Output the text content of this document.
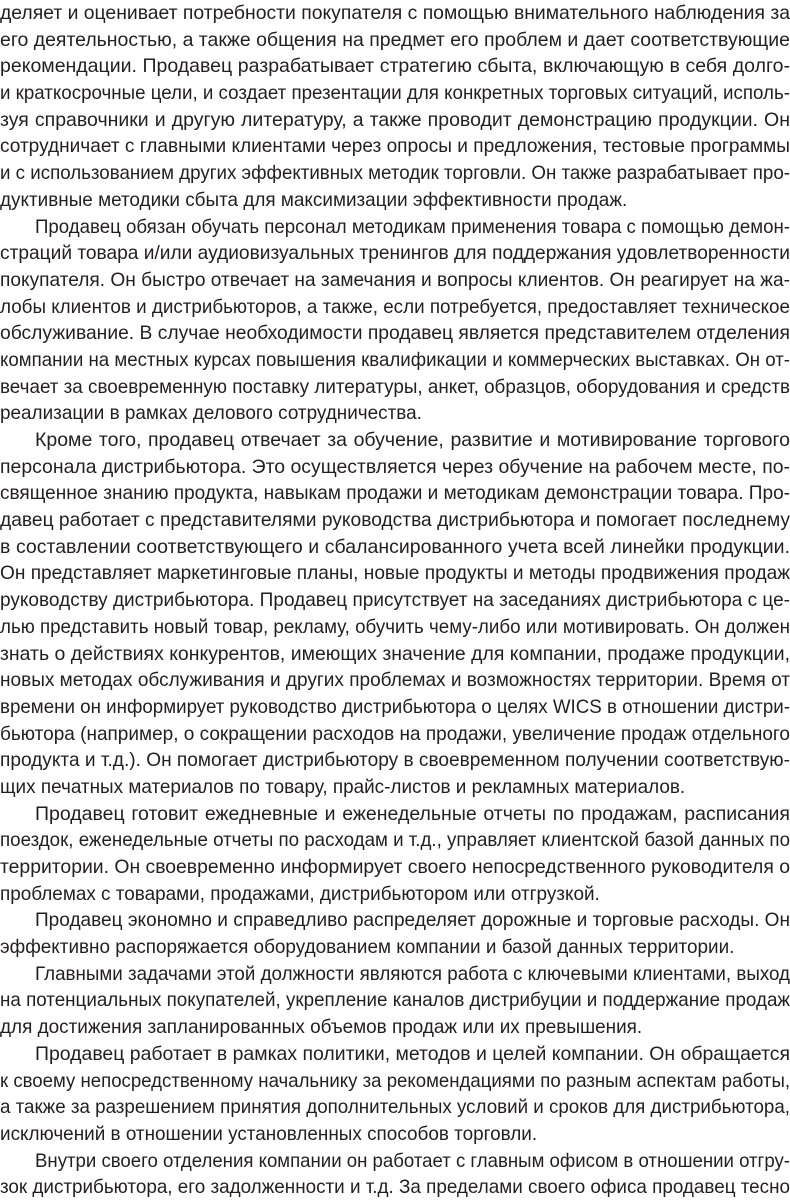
деляет и оценивает потребности покупателя с помощью внимательного наблюдения за
его деятельностью, а также общения на предмет его проблем и дает соответствующие
рекомендации. Продавец разрабатывает стратегию сбыта, включающую в себя долго-
и краткосрочные цели, и создает презентации для конкретных торговых ситуаций, исполь-
зуя справочники и другую литературу, а также проводит демонстрацию продукции. Он
сотрудничает с главными клиентами через опросы и предложения, тестовые программы
и с использованием других эффективных методик торговли. Он также разрабатывает про-
дуктивные методики сбыта для максимизации эффективности продаж.
Продавец обязан обучать персонал методикам применения товара с помощью демон-
страций товара и/или аудиовизуальных тренингов для поддержания удовлетворенности
покупателя. Он быстро отвечает на замечания и вопросы клиентов. Он реагирует на жа-
лобы клиентов и дистрибьюторов, а также, если потребуется, предоставляет техническое
обслуживание. В случае необходимости продавец является представителем отделения
компании на местных курсах повышения квалификации и коммерческих выставках. Он от-
вечает за своевременную поставку литературы, анкет, образцов, оборудования и средств
реализации в рамках делового сотрудничества.
Кроме того, продавец отвечает за обучение, развитие и мотивирование торгового
персонала дистрибьютора. Это осуществляется через обучение на рабочем месте, по-
священное знанию продукта, навыкам продажи и методикам демонстрации товара. Про-
давец работает с представителями руководства дистрибьютора и помогает последнему
в составлении соответствующего и сбалансированного учета всей линейки продукции.
Он представляет маркетинговые планы, новые продукты и методы продвижения продаж
руководству дистрибьютора. Продавец присутствует на заседаниях дистрибьютора с це-
лью представить новый товар, рекламу, обучить чему-либо или мотивировать. Он должен
знать о действиях конкурентов, имеющих значение для компании, продаже продукции,
новых методах обслуживания и других проблемах и возможностях территории. Время от
времени он информирует руководство дистрибьютора о целях WICS в отношении дистри-
бьютора (например, о сокращении расходов на продажи, увеличение продаж отдельного
продукта и т.д.). Он помогает дистрибьютору в своевременном получении соответствую-
щих печатных материалов по товару, прайс-листов и рекламных материалов.
Продавец готовит ежедневные и еженедельные отчеты по продажам, расписания
поездок, еженедельные отчеты по расходам и т.д., управляет клиентской базой данных по
территории. Он своевременно информирует своего непосредственного руководителя о
проблемах с товарами, продажами, дистрибьютором или отгрузкой.
Продавец экономно и справедливо распределяет дорожные и торговые расходы. Он
эффективно распоряжается оборудованием компании и базой данных территории.
Главными задачами этой должности являются работа с ключевыми клиентами, выход
на потенциальных покупателей, укрепление каналов дистрибуции и поддержание продаж
для достижения запланированных объемов продаж или их превышения.
Продавец работает в рамках политики, методов и целей компании. Он обращается
к своему непосредственному начальнику за рекомендациями по разным аспектам работы,
а также за разрешением принятия дополнительных условий и сроков для дистрибьютора,
исключений в отношении установленных способов торговли.
Внутри своего отделения компании он работает с главным офисом в отношении отгру-
зок дистрибьютора, его задолженности и т.д. За пределами своего офиса продавец тесно
